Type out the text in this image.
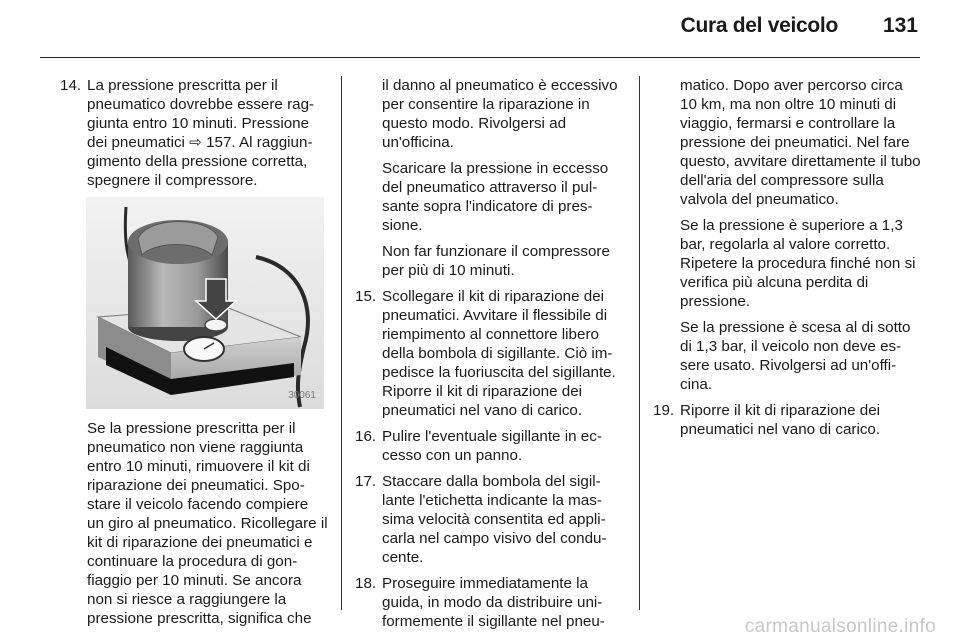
Cura del veicolo 131
14. La pressione prescritta per il pneumatico dovrebbe essere raggiunta entro 10 minuti. Pressione dei pneumatici ⇨ 157. Al raggiungimento della pressione corretta, spegnere il compressore.

30061

Se la pressione prescritta per il pneumatico non viene raggiunta entro 10 minuti, rimuovere il kit di riparazione dei pneumatici. Spostare il veicolo facendo compiere un giro al pneumatico. Ricollegare il kit di riparazione dei pneumatici e continuare la procedura di gonfiaggio per 10 minuti. Se ancora non si riesce a raggiungere la pressione prescritta, significa che

il danno al pneumatico è eccessivo per consentire la riparazione in questo modo. Rivolgersi ad un'officina.

Scaricare la pressione in eccesso del pneumatico attraverso il pulsante sopra l'indicatore di pressione.

Non far funzionare il compressore per più di 10 minuti.

15. Scollegare il kit di riparazione dei pneumatici. Avvitare il flessibile di riempimento al connettore libero della bombola di sigillante. Ciò impedisce la fuoriuscita del sigillante. Riporre il kit di riparazione dei pneumatici nel vano di carico.

16. Pulire l'eventuale sigillante in eccesso con un panno.

17. Staccare dalla bombola del sigillante l'etichetta indicante la massima velocità consentita ed applicarla nel campo visivo del conducente.

18. Proseguire immediatamente la guida, in modo da distribuire uniformemente il sigillante nel pneu-

matico. Dopo aver percorso circa 10 km, ma non oltre 10 minuti di viaggio, fermarsi e controllare la pressione dei pneumatici. Nel fare questo, avvitare direttamente il tubo dell'aria del compressore sulla valvola del pneumatico.

Se la pressione è superiore a 1,3 bar, regolarla al valore corretto. Ripetere la procedura finché non si verifica più alcuna perdita di pressione.

Se la pressione è scesa al di sotto di 1,3 bar, il veicolo non deve essere usato. Rivolgersi ad un'officina.

19. Riporre il kit di riparazione dei pneumatici nel vano di carico.

carmanualsonline.info
